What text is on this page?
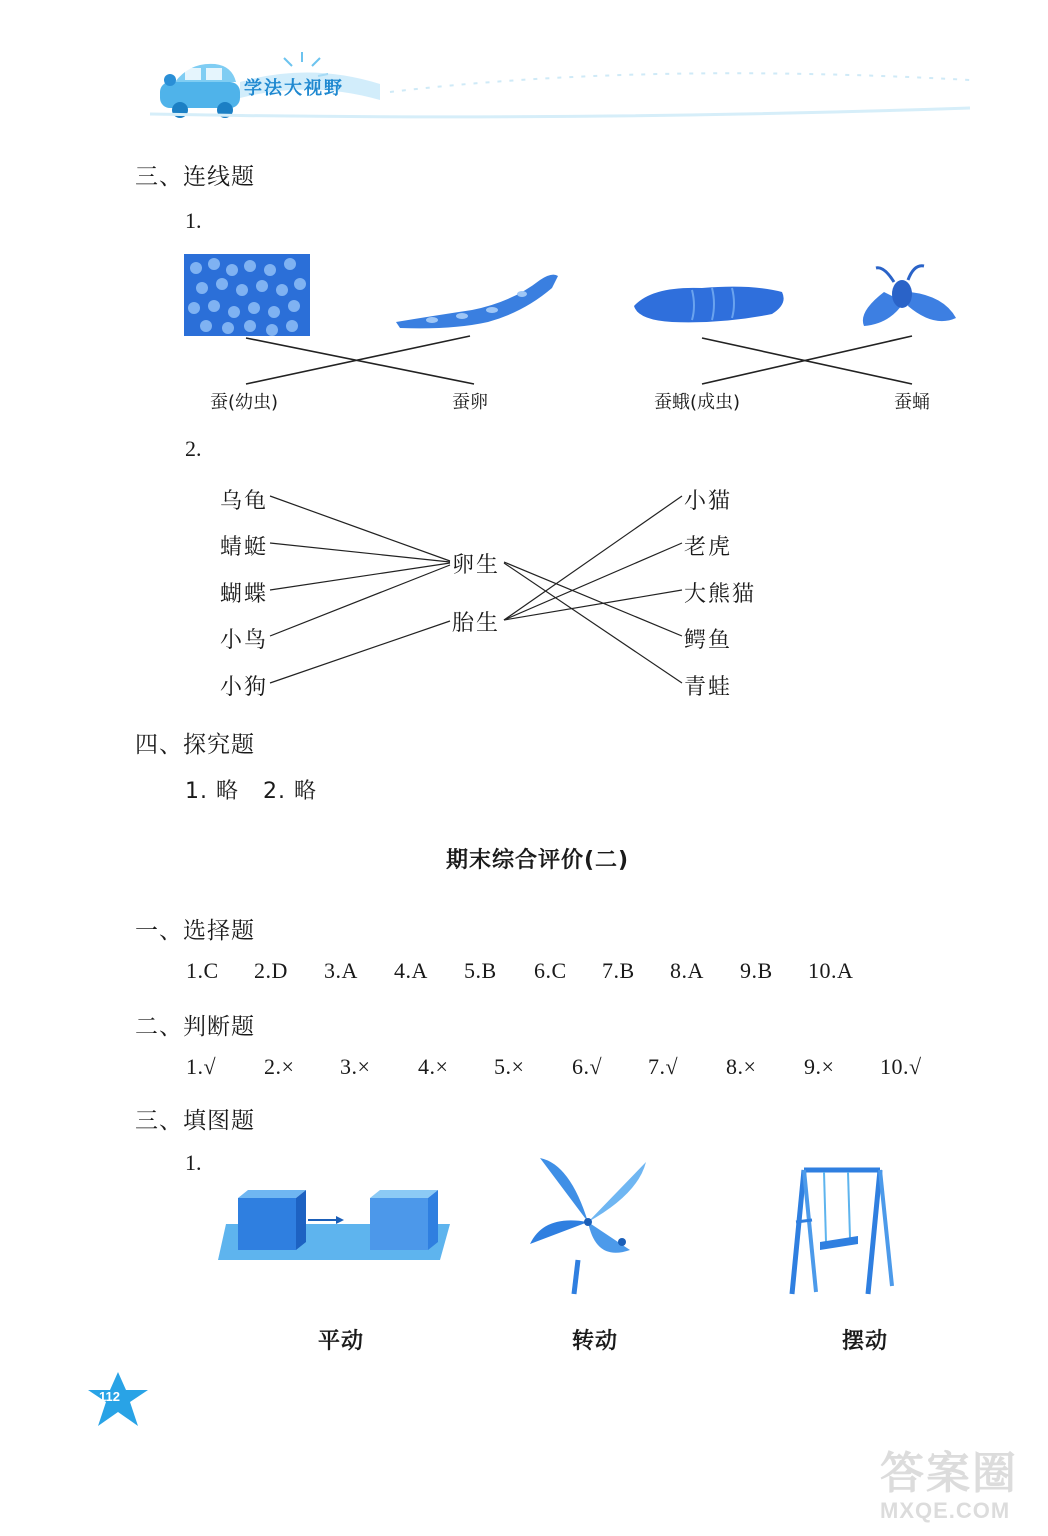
学法大视野
三、连线题
1.
蚕(幼虫)	蚕卵	蚕蛾(成虫)	蚕蛹
2.
乌龟
蜻蜓
蝴蝶
小鸟
小狗
卵生
胎生
小猫
老虎
大熊猫
鳄鱼
青蛙
四、探究题
1. 略   2. 略
期末综合评价(二)
一、选择题
1.C 2.D 3.A 4.A 5.B 6.C 7.B 8.A 9.B 10.A
二、判断题
1.√ 2.× 3.× 4.× 5.× 6.√ 7.√ 8.× 9.× 10.√
三、填图题
1.
平动	转动	摆动
112
答案圈
MXQE.COM
